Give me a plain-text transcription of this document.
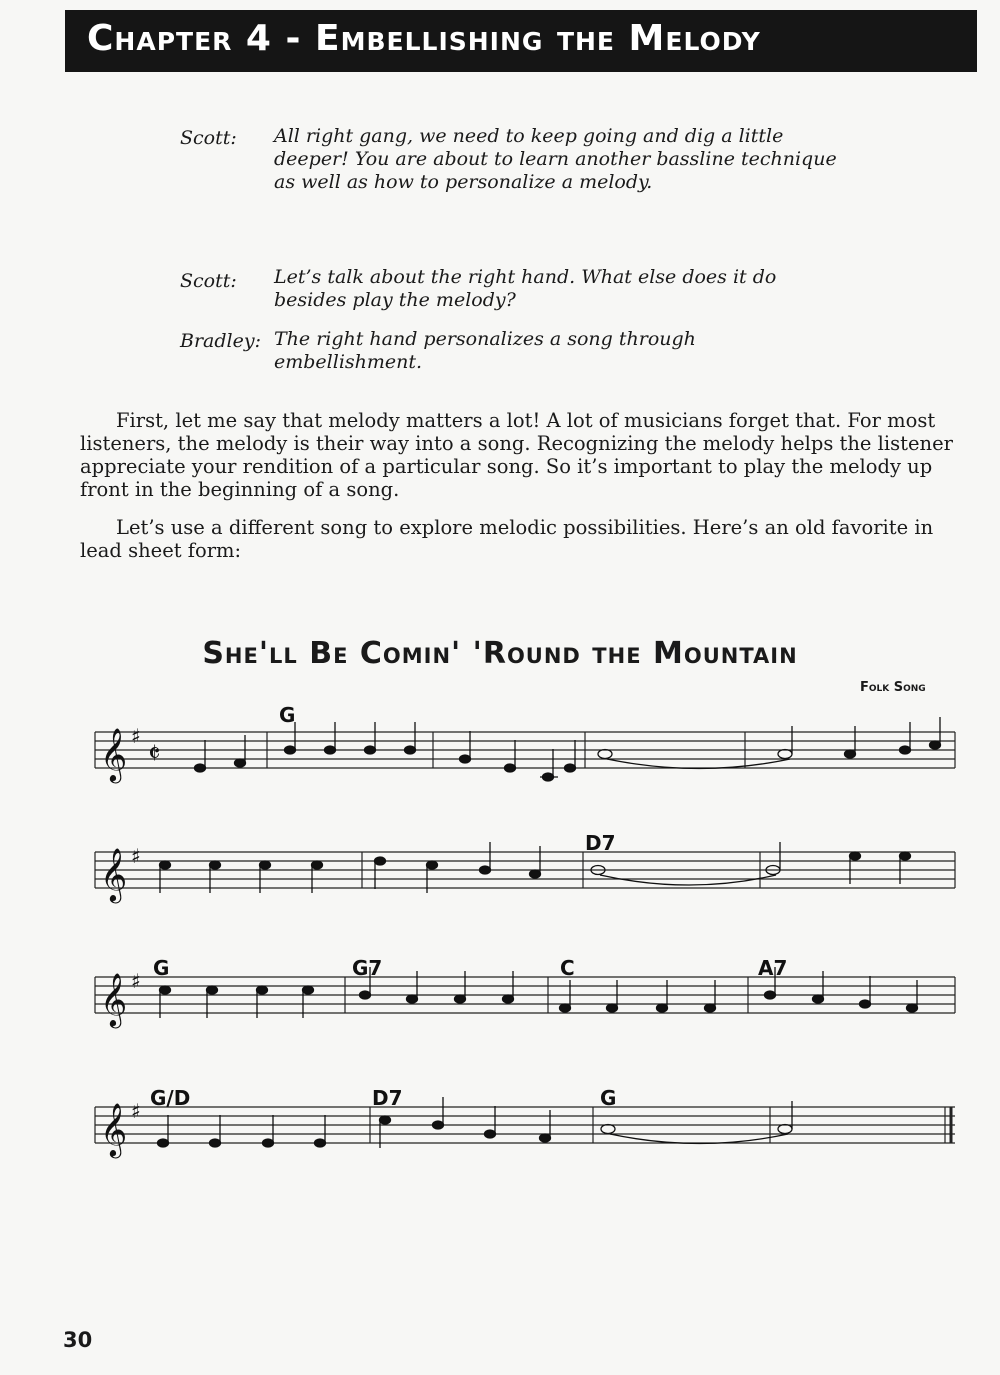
Chapter 4 - Embellishing the Melody
Scott: All right gang, we need to keep going and dig a little deeper! You are about to learn another bassline technique as well as how to personalize a melody.
Scott: Let’s talk about the right hand. What else does it do besides play the melody?
Bradley: The right hand personalizes a song through embellishment.
First, let me say that melody matters a lot! A lot of musicians forget that. For most listeners, the melody is their way into a song. Recognizing the melody helps the listener appreciate your rendition of a particular song. So it’s important to play the melody up front in the beginning of a song.
Let’s use a different song to explore melodic possibilities. Here’s an old favorite in lead sheet form:
She'll Be Comin' 'Round the Mountain
Folk Song
𝄞
𝄞
𝄞
𝄞
♯
♯
♯
♯
𝄵
G
D7
G	G7	C	A7
G/D	D7	G
30
